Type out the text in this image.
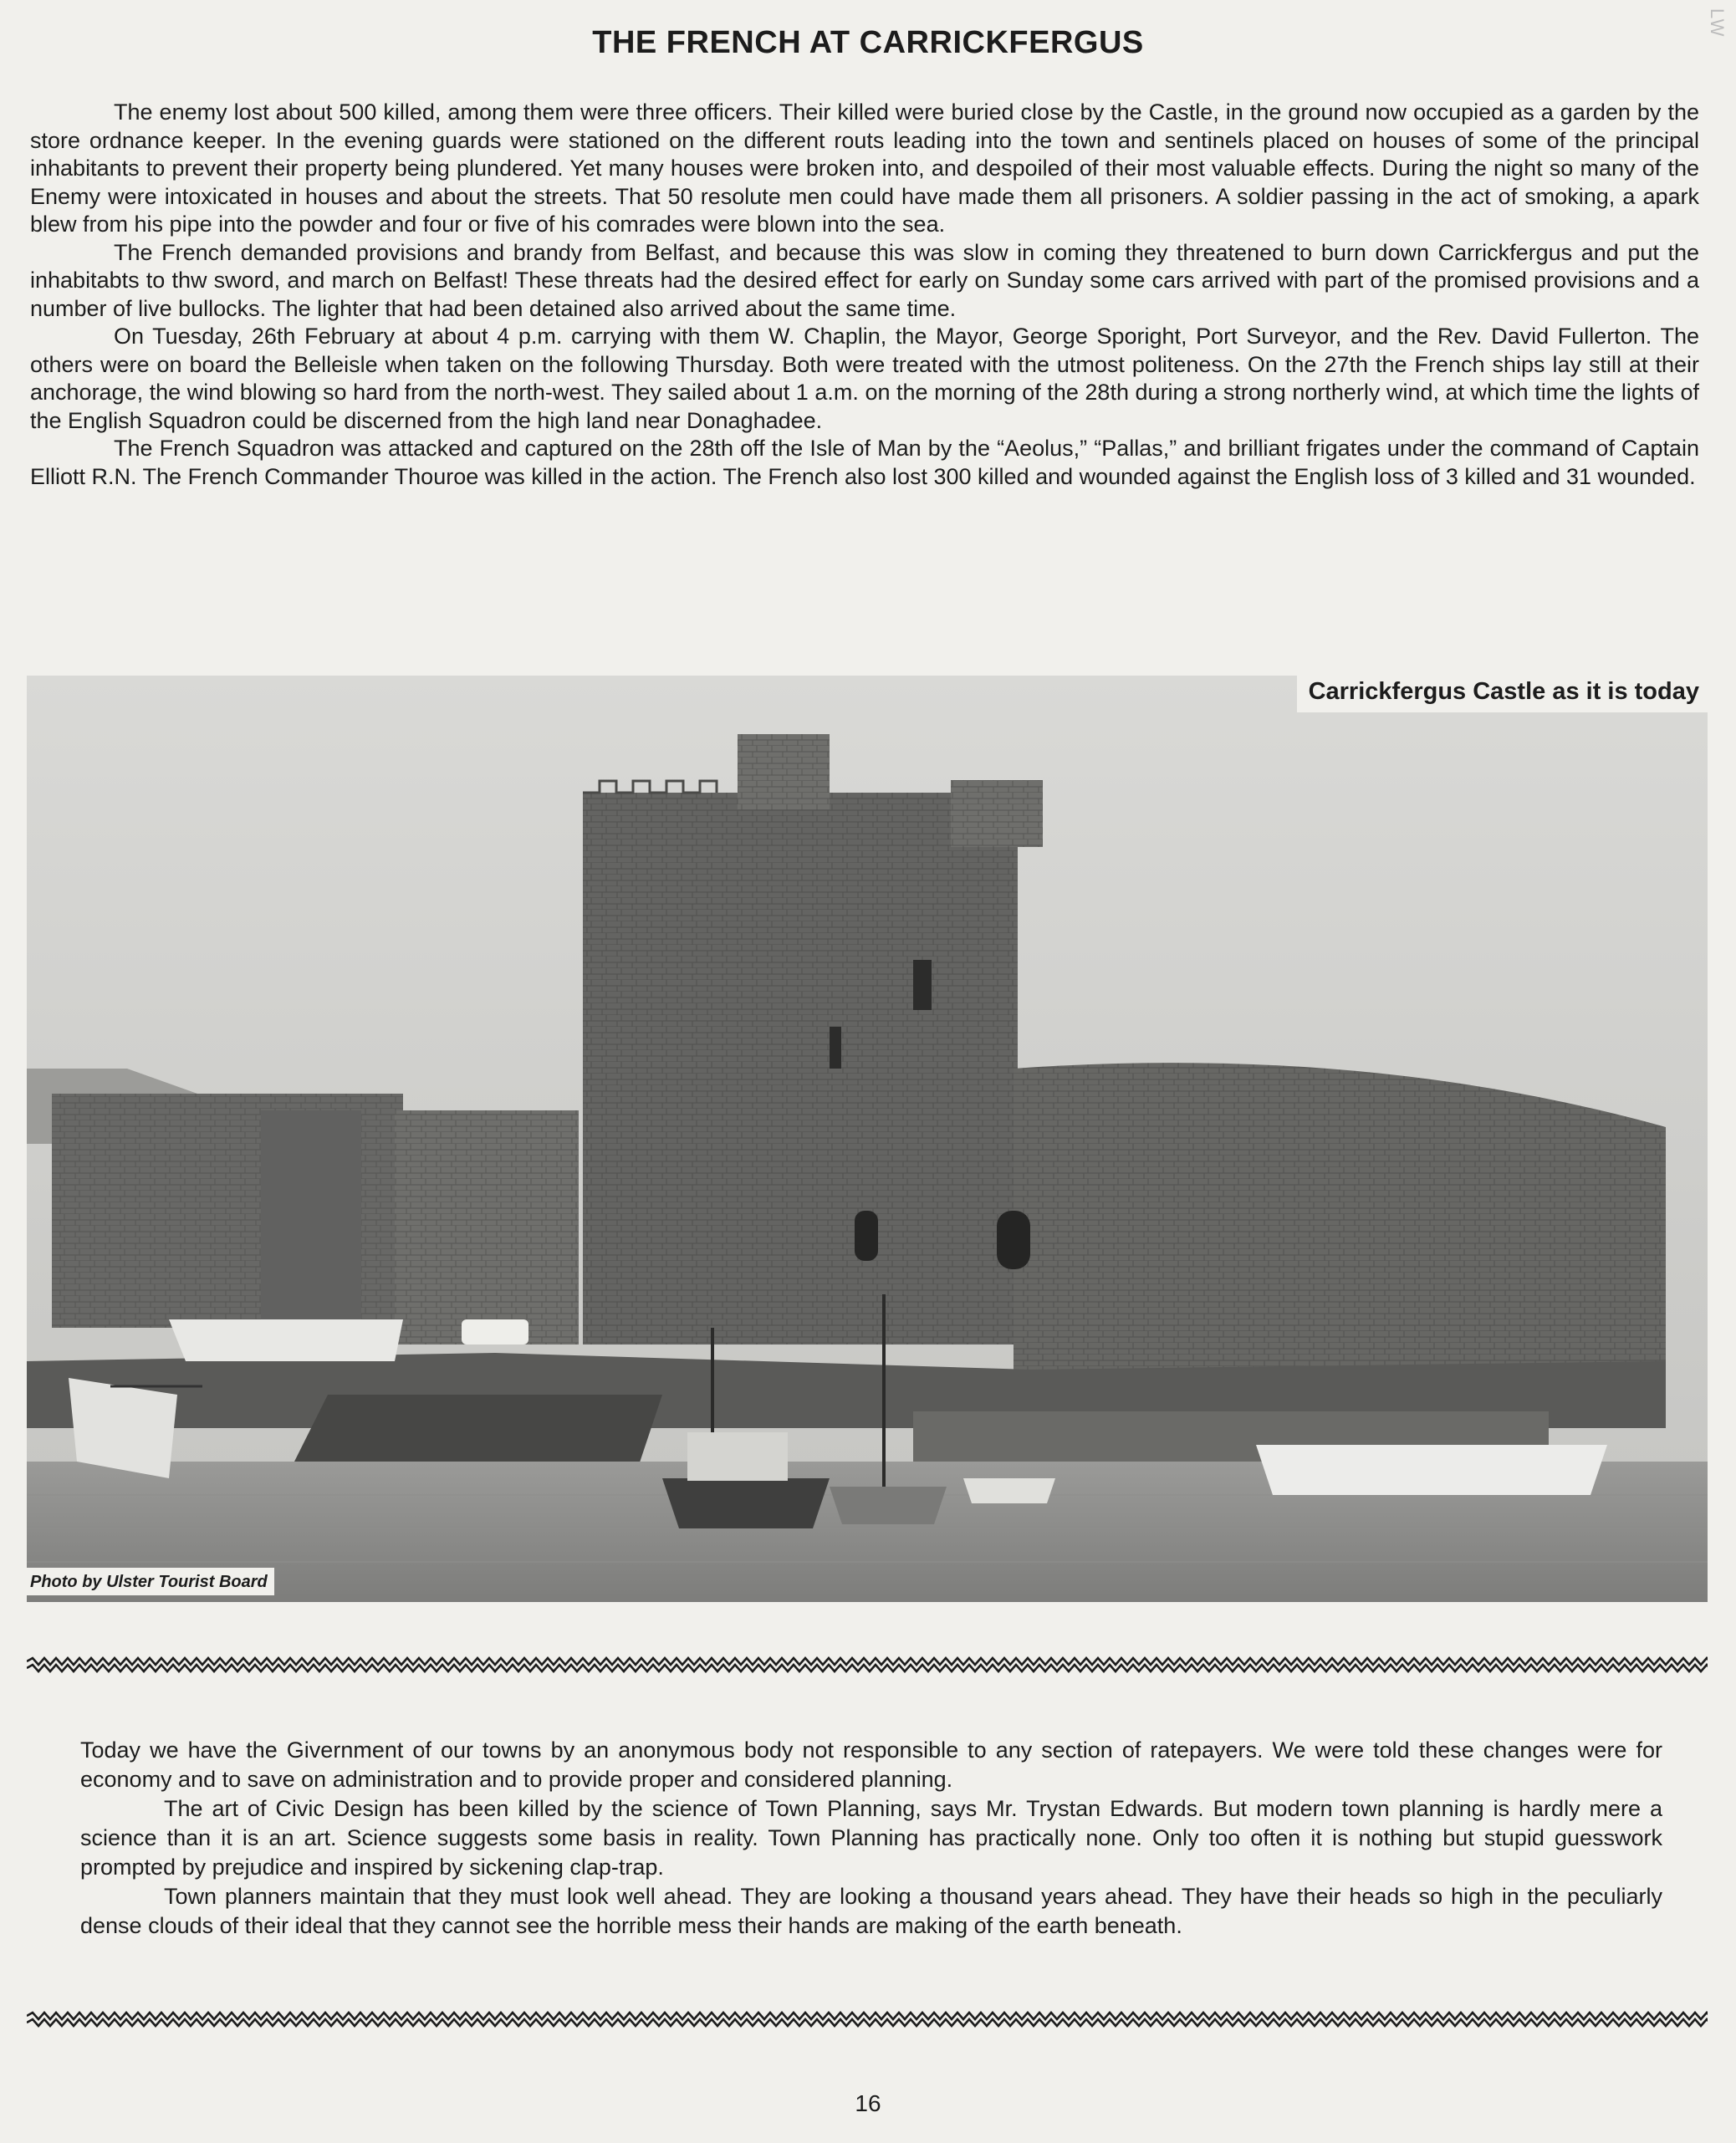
LW
THE FRENCH AT CARRICKFERGUS

The enemy lost about 500 killed, among them were three officers. Their killed were buried close by the Castle, in the ground now occupied as a garden by the store ordnance keeper. In the evening guards were stationed on the different routs leading into the town and sentinels placed on houses of some of the principal inhabitants to prevent their property being plundered. Yet many houses were broken into, and despoiled of their most valuable effects. During the night so many of the Enemy were intoxicated in houses and about the streets. That 50 resolute men could have made them all prisoners. A soldier passing in the act of smoking, a apark blew from his pipe into the powder and four or five of his comrades were blown into the sea.

The French demanded provisions and brandy from Belfast, and because this was slow in coming they threatened to burn down Carrickfergus and put the inhabitabts to thw sword, and march on Belfast! These threats had the desired effect for early on Sunday some cars arrived with part of the promised provisions and a number of live bullocks. The lighter that had been detained also arrived about the same time.

On Tuesday, 26th February at about 4 p.m. carrying with them W. Chaplin, the Mayor, George Sporight, Port Surveyor, and the Rev. David Fullerton. The others were on board the Belleisle when taken on the following Thursday. Both were treated with the utmost politeness. On the 27th the French ships lay still at their anchorage, the wind blowing so hard from the north-west. They sailed about 1 a.m. on the morning of the 28th during a strong northerly wind, at which time the lights of the English Squadron could be discerned from the high land near Donaghadee.

The French Squadron was attacked and captured on the 28th off the Isle of Man by the “Aeolus,” “Pallas,” and brilliant frigates under the command of Captain Elliott R.N. The French Commander Thouroe was killed in the action. The French also lost 300 killed and wounded against the English loss of 3 killed and 31 wounded.

Carrickfergus Castle as it is today
Photo by Ulster Tourist Board

Today we have the Givernment of our towns by an anonymous body not responsible to any section of ratepayers. We were told these changes were for economy and to save on administration and to provide proper and considered planning.

The art of Civic Design has been killed by the science of Town Planning, says Mr. Trystan Edwards. But modern town planning is hardly mere a science than it is an art. Science suggests some basis in reality. Town Planning has practically none. Only too often it is nothing but stupid guesswork prompted by prejudice and inspired by sickening clap-trap.

Town planners maintain that they must look well ahead. They are looking a thousand years ahead. They have their heads so high in the peculiarly dense clouds of their ideal that they cannot see the horrible mess their hands are making of the earth beneath.

16
